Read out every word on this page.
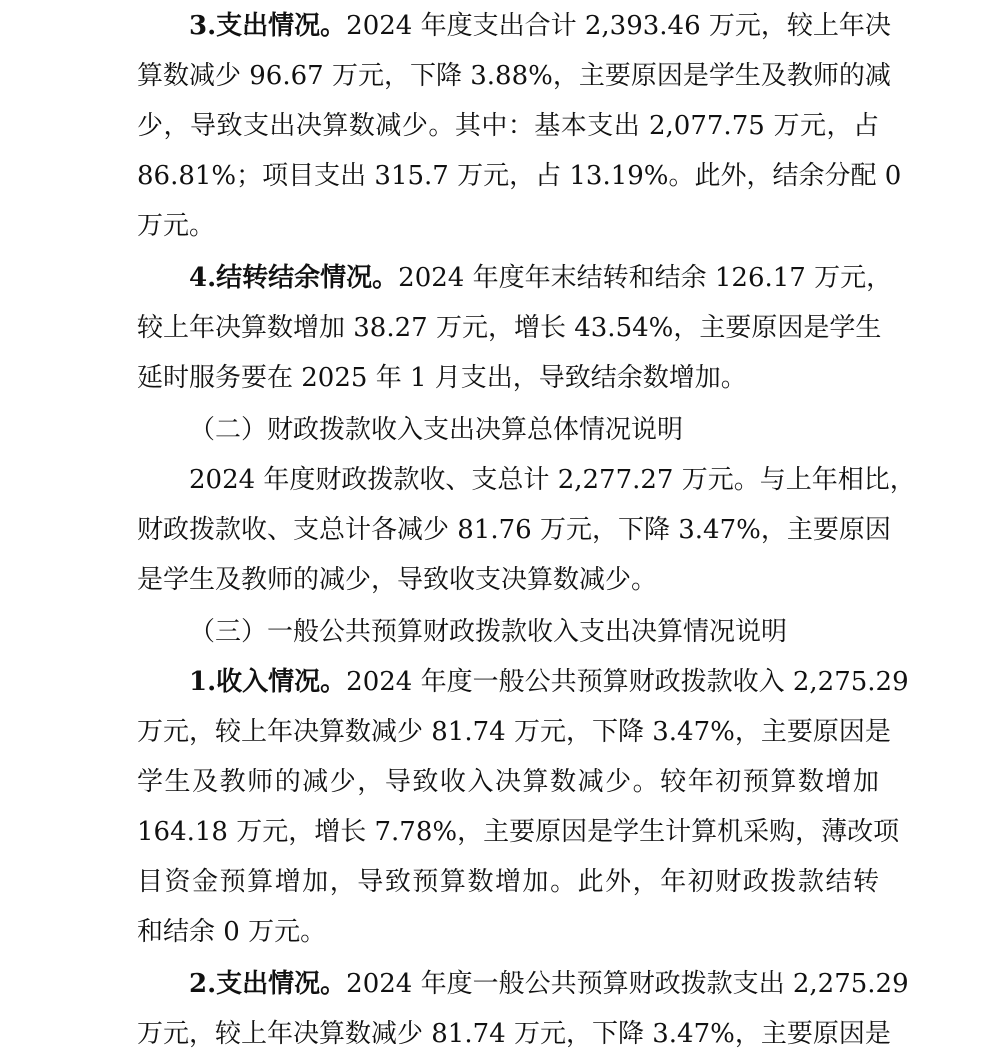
3.支出情况。2024 年度支出合计 2,393.46 万元，较上年决
算数减少 96.67 万元，下降 3.88%，主要原因是学生及教师的减
少，导致支出决算数减少。其中：基本支出 2,077.75 万元，占
86.81%；项目支出 315.7 万元，占 13.19%。此外，结余分配 0
万元。
4.结转结余情况。2024 年度年末结转和结余 126.17 万元，
较上年决算数增加 38.27 万元，增长 43.54%，主要原因是学生
延时服务要在 2025 年 1 月支出，导致结余数增加。
（二）财政拨款收入支出决算总体情况说明
2024 年度财政拨款收、支总计 2,277.27 万元。与上年相比，
财政拨款收、支总计各减少 81.76 万元，下降 3.47%，主要原因
是学生及教师的减少，导致收支决算数减少。
（三）一般公共预算财政拨款收入支出决算情况说明
1.收入情况。2024 年度一般公共预算财政拨款收入 2,275.29
万元，较上年决算数减少 81.74 万元，下降 3.47%，主要原因是
学生及教师的减少，导致收入决算数减少。较年初预算数增加
164.18 万元，增长 7.78%，主要原因是学生计算机采购，薄改项
目资金预算增加，导致预算数增加。此外，年初财政拨款结转
和结余 0 万元。
2.支出情况。2024 年度一般公共预算财政拨款支出 2,275.29
万元，较上年决算数减少 81.74 万元，下降 3.47%，主要原因是
